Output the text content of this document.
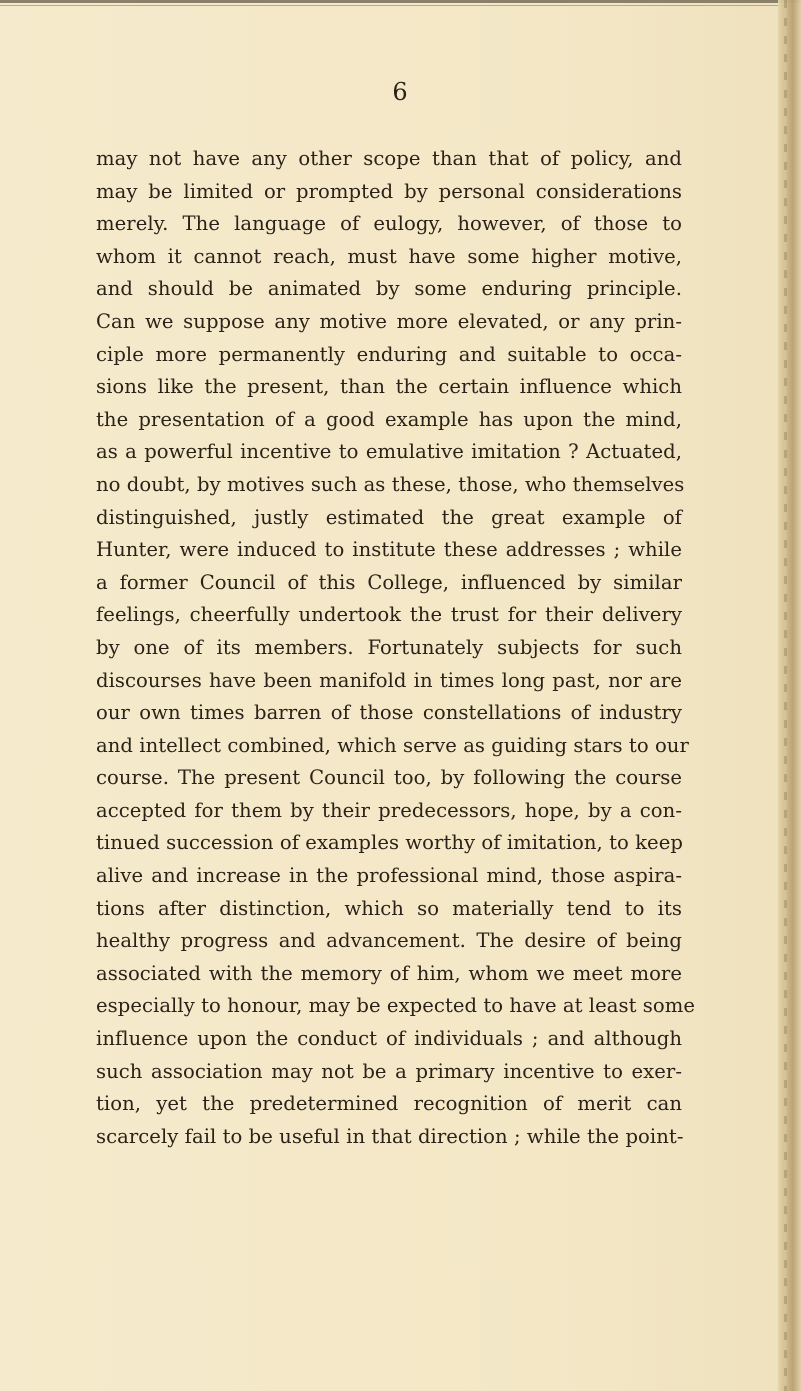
6
may not have any other scope than that of policy, and
may be limited or prompted by personal considerations
merely. The language of eulogy, however, of those to
whom it cannot reach, must have some higher motive,
and should be animated by some enduring principle.
Can we suppose any motive more elevated, or any prin-
ciple more permanently enduring and suitable to occa-
sions like the present, than the certain influence which
the presentation of a good example has upon the mind,
as a powerful incentive to emulative imitation ? Actuated,
no doubt, by motives such as these, those, who themselves
distinguished, justly estimated the great example of
Hunter, were induced to institute these addresses ; while
a former Council of this College, influenced by similar
feelings, cheerfully undertook the trust for their delivery
by one of its members. Fortunately subjects for such
discourses have been manifold in times long past, nor are
our own times barren of those constellations of industry
and intellect combined, which serve as guiding stars to our
course. The present Council too, by following the course
accepted for them by their predecessors, hope, by a con-
tinued succession of examples worthy of imitation, to keep
alive and increase in the professional mind, those aspira-
tions after distinction, which so materially tend to its
healthy progress and advancement. The desire of being
associated with the memory of him, whom we meet more
especially to honour, may be expected to have at least some
influence upon the conduct of individuals ; and although
such association may not be a primary incentive to exer-
tion, yet the predetermined recognition of merit can
scarcely fail to be useful in that direction ; while the point-
